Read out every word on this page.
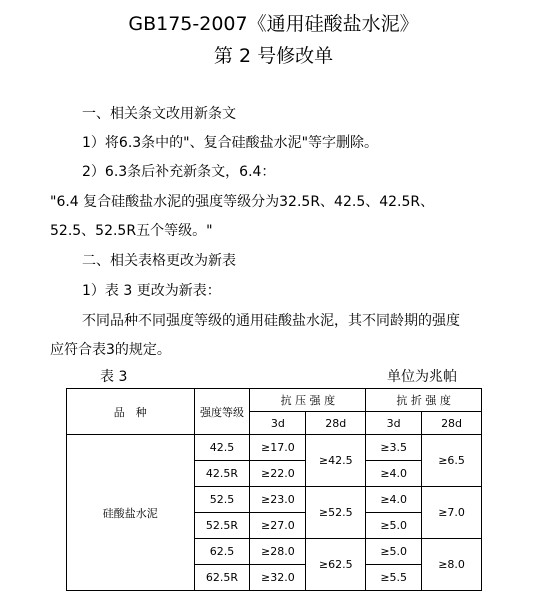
GB175-2007《通用硅酸盐水泥》
第 2 号修改单
一、相关条文改用新条文
1）将6.3条中的"、复合硅酸盐水泥"等字删除。
2）6.3条后补充新条文，6.4：
"6.4 复合硅酸盐水泥的强度等级分为32.5R、42.5、42.5R、
52.5、52.5R五个等级。"
二、相关表格更改为新表
1）表 3 更改为新表：
不同品种不同强度等级的通用硅酸盐水泥，其不同龄期的强度
应符合表3的规定。
表 3	单位为兆帕
品　种	强度等级	抗 压 强 度		抗 折 强 度	
		3d	28d	3d	28d
硅酸盐水泥	42.5	≥17.0	≥42.5	≥3.5	≥6.5
	42.5R	≥22.0		≥4.0	
	52.5	≥23.0	≥52.5	≥4.0	≥7.0
	52.5R	≥27.0		≥5.0	
	62.5	≥28.0	≥62.5	≥5.0	≥8.0
	62.5R	≥32.0		≥5.5	
